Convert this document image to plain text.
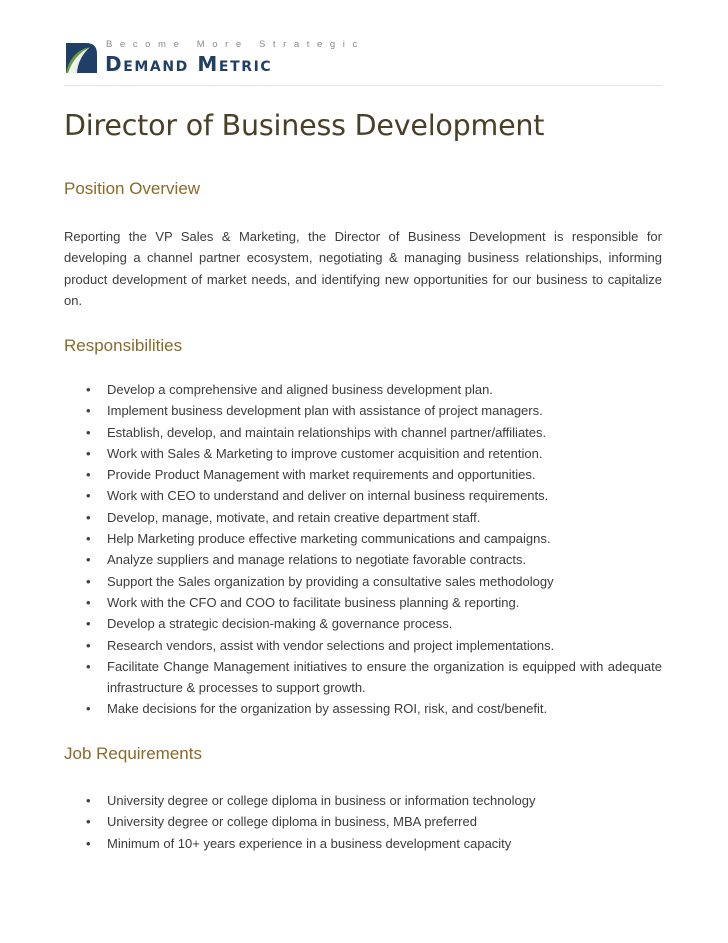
Become More Strategic
Demand Metric
Director of Business Development
Position Overview

Reporting the VP Sales & Marketing, the Director of Business Development is responsible for developing a channel partner ecosystem, negotiating & managing business relationships, informing product development of market needs, and identifying new opportunities for our business to capitalize on.

Responsibilities
• Develop a comprehensive and aligned business development plan.
• Implement business development plan with assistance of project managers.
• Establish, develop, and maintain relationships with channel partner/affiliates.
• Work with Sales & Marketing to improve customer acquisition and retention.
• Provide Product Management with market requirements and opportunities.
• Work with CEO to understand and deliver on internal business requirements.
• Develop, manage, motivate, and retain creative department staff.
• Help Marketing produce effective marketing communications and campaigns.
• Analyze suppliers and manage relations to negotiate favorable contracts.
• Support the Sales organization by providing a consultative sales methodology
• Work with the CFO and COO to facilitate business planning & reporting.
• Develop a strategic decision-making & governance process.
• Research vendors, assist with vendor selections and project implementations.
• Facilitate Change Management initiatives to ensure the organization is equipped with adequate infrastructure & processes to support growth.
• Make decisions for the organization by assessing ROI, risk, and cost/benefit.
Job Requirements
• University degree or college diploma in business or information technology
• University degree or college diploma in business, MBA preferred
• Minimum of 10+ years experience in a business development capacity
